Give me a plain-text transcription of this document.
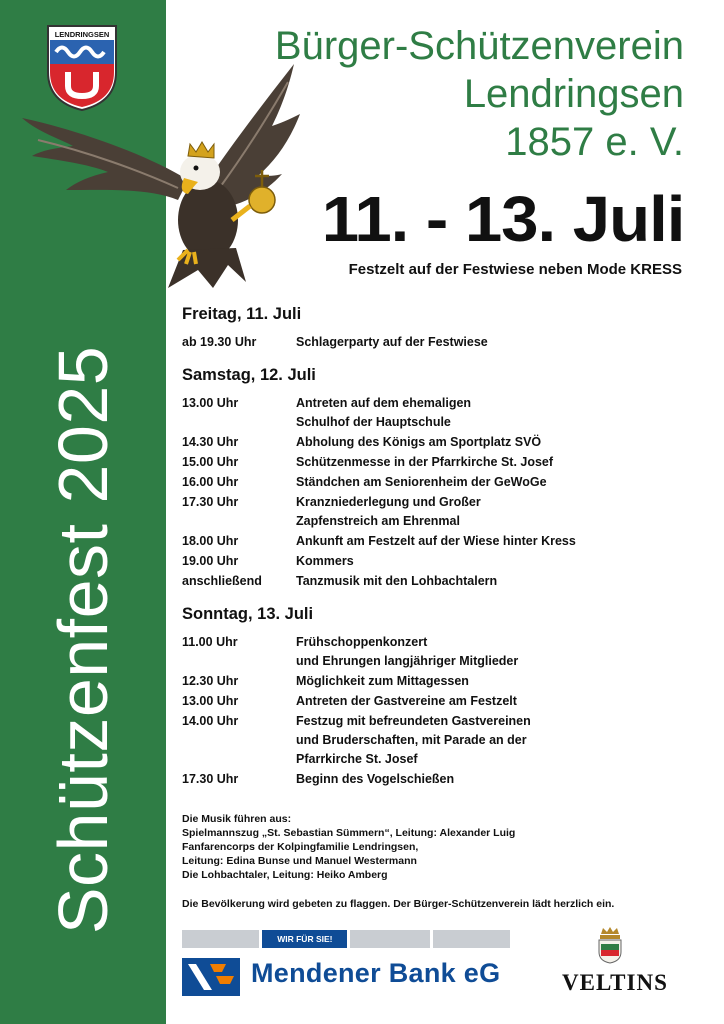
Schützenfest 2025
LENDRINGSEN	Bürger-Schützenverein
Lendringsen
1857 e. V.
11. - 13. Juli
Festzelt auf der Festwiese neben Mode KRESS
Freitag, 11. Juli
ab 19.30 Uhr	Schlagerparty auf der Festwiese
Samstag, 12. Juli
13.00 Uhr	Antreten auf dem ehemaligen
Schulhof der Hauptschule
14.30 Uhr	Abholung des Königs am Sportplatz SVÖ
15.00 Uhr	Schützenmesse in der Pfarrkirche St. Josef
16.00 Uhr	Ständchen am Seniorenheim der GeWoGe
17.30 Uhr	Kranzniederlegung und Großer
Zapfenstreich am Ehrenmal
18.00 Uhr	Ankunft am Festzelt auf der Wiese hinter Kress
19.00 Uhr	Kommers
anschließend	Tanzmusik mit den Lohbachtalern
Sonntag, 13. Juli
11.00 Uhr	Frühschoppenkonzert
und Ehrungen langjähriger Mitglieder
12.30 Uhr	Möglichkeit zum Mittagessen
13.00 Uhr	Antreten der Gastvereine am Festzelt
14.00 Uhr	Festzug mit befreundeten Gastvereinen
und Bruderschaften, mit Parade an der
Pfarrkirche St. Josef
17.30 Uhr	Beginn des Vogelschießen
Die Musik führen aus:
Spielmannszug „St. Sebastian Sümmern“, Leitung: Alexander Luig
Fanfarencorps der Kolpingfamilie Lendringsen,
Leitung: Edina Bunse und Manuel Westermann
Die Lohbachtaler, Leitung: Heiko Amberg
Die Bevölkerung wird gebeten zu flaggen. Der Bürger-Schützenverein lädt herzlich ein.
WIR FÜR SIE!
Mendener Bank eG	VELTINS
